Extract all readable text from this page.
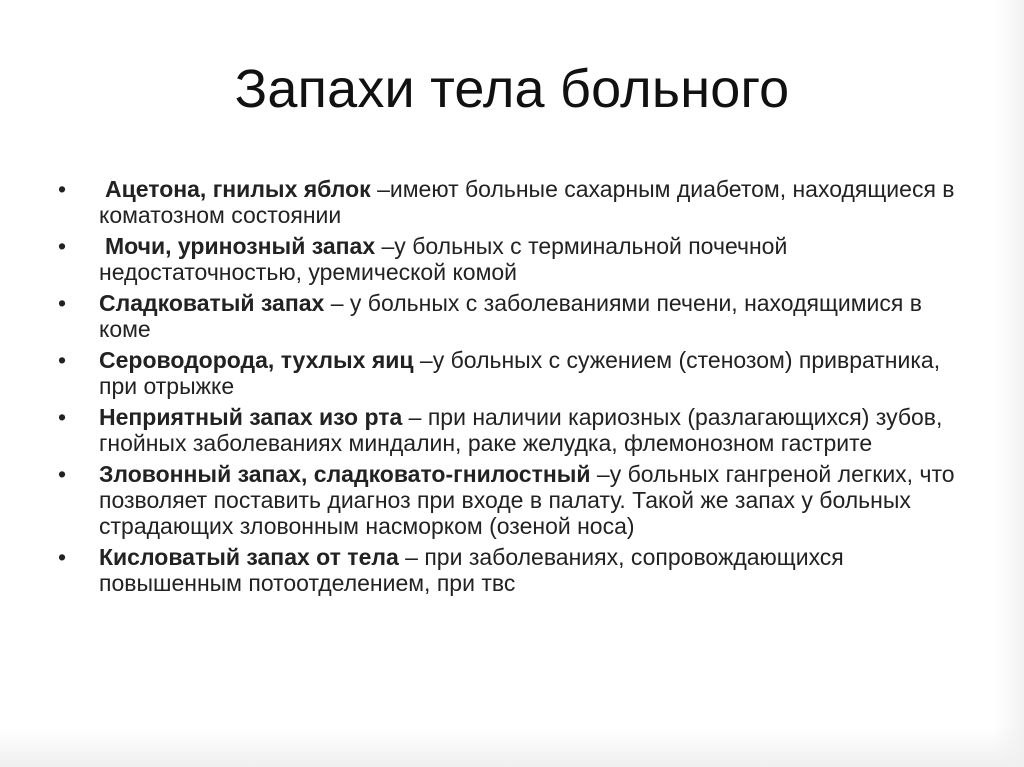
Запахи тела больного
• Ацетона, гнилых яблок –имеют больные сахарным диабетом, находящиеся в коматозном состоянии
• Мочи, уринозный запах –у больных с терминальной почечной недостаточностью, уремической комой
• Сладковатый запах – у больных с заболеваниями печени, находящимися в коме
• Сероводорода, тухлых яиц –у больных с сужением (стенозом) привратника, при отрыжке
• Неприятный запах изо рта – при наличии кариозных (разлагающихся) зубов, гнойных заболеваниях миндалин, раке желудка, флемонозном гастрите
• Зловонный запах, сладковато-гнилостный –у больных гангреной легких, что позволяет поставить диагноз при входе в палату. Такой же запах у больных страдающих зловонным насморком (озеной носа)
• Кисловатый запах от тела – при заболеваниях, сопровождающихся повышенным потоотделением, при твс
